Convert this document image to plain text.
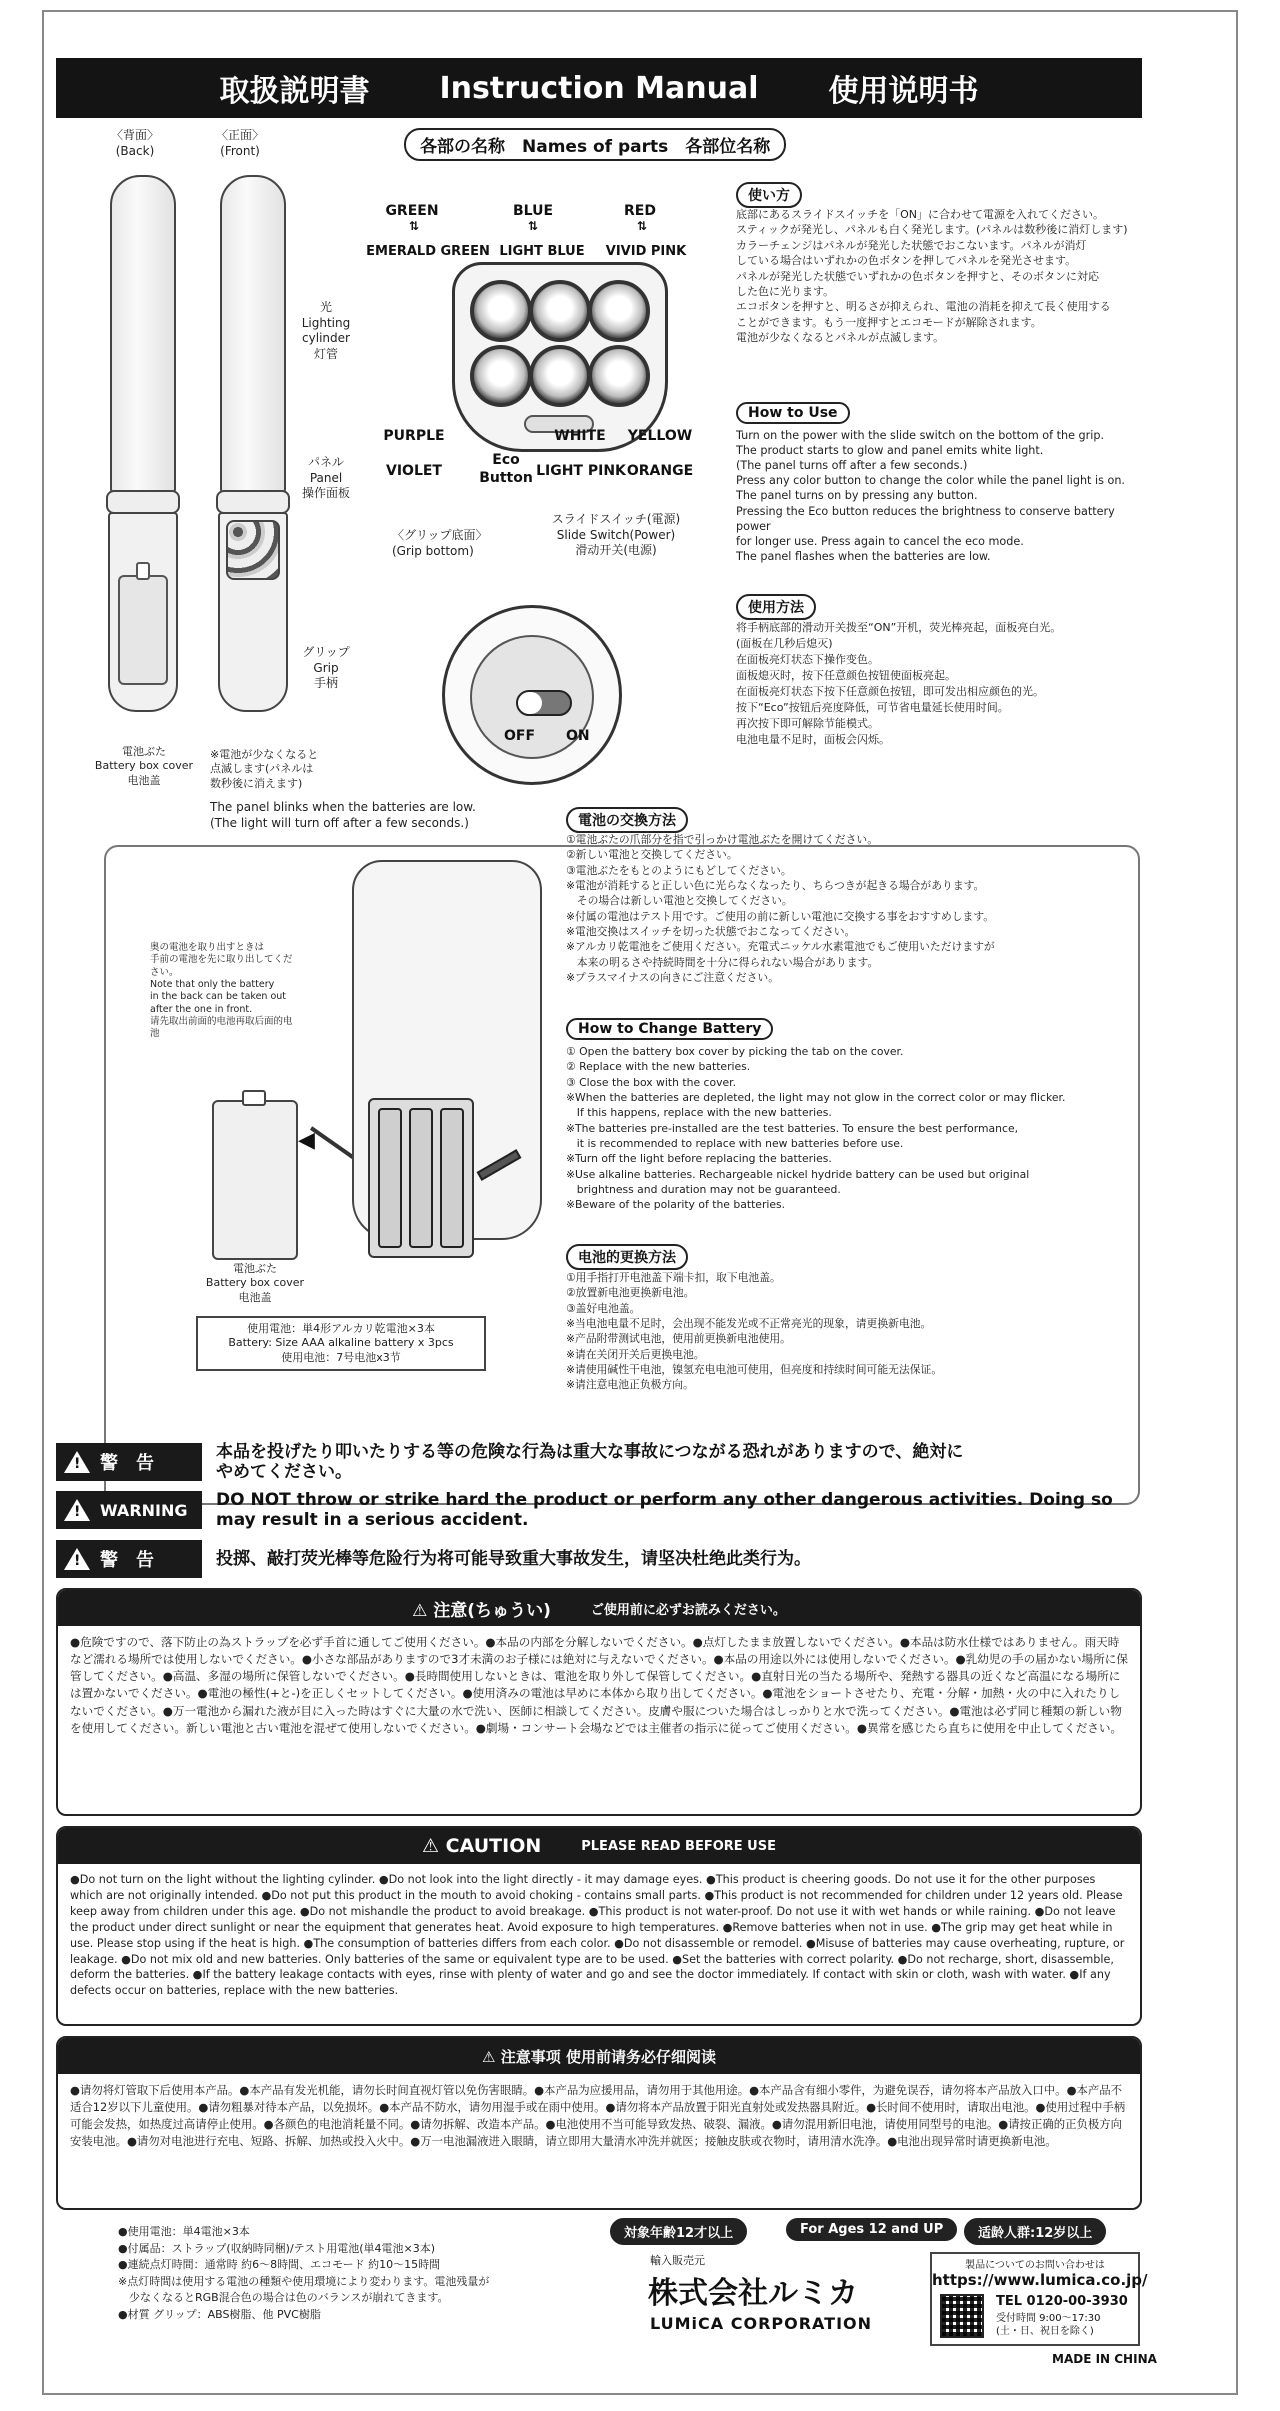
取扱説明書 Instruction Manual 使用说明书
各部の名称　Names of parts　各部位名称
〈背面〉
(Back)
〈正面〉
(Front)
光
Lighting
cylinder
灯管
パネル
Panel
操作面板
グリップ
Grip
手柄
電池ぶた
Battery box cover
电池盖
※電池が少なくなると
点滅します(パネルは
数秒後に消えます)
The panel blinks when the batteries are low.
(The light will turn off after a few seconds.)
GREEN	BLUE	RED
⇅	⇅	⇅
EMERALD GREEN LIGHT BLUE	VIVID PINK
PURPLE
VIOLET
Eco
Button
WHITE
LIGHT PINK
YELLOW
ORANGE
〈グリップ底面〉
(Grip bottom)
スライドスイッチ(電源)
Slide Switch(Power)
滑动开关(电源)
OFF ON
使い方
底部にあるスライドスイッチを「ON」に合わせて電源を入れてください。
スティックが発光し、パネルも白く発光します。(パネルは数秒後に消灯します)
カラーチェンジはパネルが発光した状態でおこないます。パネルが消灯
している場合はいずれかの色ボタンを押してパネルを発光させます。
パネルが発光した状態でいずれかの色ボタンを押すと、そのボタンに対応
した色に光ります。
エコボタンを押すと、明るさが抑えられ、電池の消耗を抑えて長く使用する
ことができます。もう一度押すとエコモードが解除されます。
電池が少なくなるとパネルが点滅します。
How to Use
Turn on the power with the slide switch on the bottom of the grip.
The product starts to glow and panel emits white light.
(The panel turns off after a few seconds.)
Press any color button to change the color while the panel light is on.
The panel turns on by pressing any button.
Pressing the Eco button reduces the brightness to conserve battery power
for longer use. Press again to cancel the eco mode.
The panel flashes when the batteries are low.
使用方法
将手柄底部的滑动开关拨至“ON”开机，荧光棒亮起，面板亮白光。
(面板在几秒后熄灭)
在面板亮灯状态下操作变色。
面板熄灭时，按下任意颜色按钮使面板亮起。
在面板亮灯状态下按下任意颜色按钮，即可发出相应颜色的光。
按下“Eco”按钮后亮度降低，可节省电量延长使用时间。
再次按下即可解除节能模式。
电池电量不足时，面板会闪烁。
奥の電池を取り出すときは
手前の電池を先に取り出してください。
Note that only the battery
in the back can be taken out
after the one in front.
请先取出前面的电池再取后面的电池
電池ぶた
Battery box cover
电池盖
◀
使用電池：単4形アルカリ乾電池×3本
Battery: Size AAA alkaline battery x 3pcs
使用电池：7号电池x3节
電池の交換方法
①電池ぶたの爪部分を指で引っかけ電池ぶたを開けてください。
②新しい電池と交換してください。
③電池ぶたをもとのようにもどしてください。
※電池が消耗すると正しい色に光らなくなったり、ちらつきが起きる場合があります。
　その場合は新しい電池と交換してください。
※付属の電池はテスト用です。ご使用の前に新しい電池に交換する事をおすすめします。
※電池交換はスイッチを切った状態でおこなってください。
※アルカリ乾電池をご使用ください。充電式ニッケル水素電池でもご使用いただけますが
　本来の明るさや持続時間を十分に得られない場合があります。
※プラスマイナスの向きにご注意ください。
How to Change Battery
① Open the battery box cover by picking the tab on the cover.
② Replace with the new batteries.
③ Close the box with the cover.
※When the batteries are depleted, the light may not glow in the correct color or may flicker.
　If this happens, replace with the new batteries.
※The batteries pre-installed are the test batteries. To ensure the best performance,
　it is recommended to replace with new batteries before use.
※Turn off the light before replacing the batteries.
※Use alkaline batteries. Rechargeable nickel hydride battery can be used but original
　brightness and duration may not be guaranteed.
※Beware of the polarity of the batteries.
电池的更换方法
①用手指打开电池盖下端卡扣，取下电池盖。
②放置新电池更换新电池。
③盖好电池盖。
※当电池电量不足时，会出现不能发光或不正常亮光的现象，请更换新电池。
※产品附带测试电池，使用前更换新电池使用。
※请在关闭开关后更换电池。
※请使用碱性干电池，镍氢充电电池可使用，但亮度和持续时间可能无法保证。
※请注意电池正负极方向。
! 警　告
本品を投げたり叩いたりする等の危険な行為は重大な事故につながる恐れがありますので、絶対に
やめてください。
! WARNING
DO NOT throw or strike hard the product or perform any other dangerous activities. Doing so
may result in a serious accident.
! 警　告	投掷、敲打荧光棒等危险行为将可能导致重大事故发生，请坚决杜绝此类行为。
⚠ 注意(ちゅうい)	ご使用前に必ずお読みください。
●危険ですので、落下防止の為ストラップを必ず手首に通してご使用ください。●本品の内部を分解しないでください。●点灯したまま放置しないでください。●本品は防水仕様ではありません。雨天時など濡れる場所では使用しないでください。●小さな部品がありますので3才未満のお子様には絶対に与えないでください。●本品の用途以外には使用しないでください。●乳幼児の手の届かない場所に保管してください。●高温、多湿の場所に保管しないでください。●長時間使用しないときは、電池を取り外して保管してください。●直射日光の当たる場所や、発熱する器具の近くなど高温になる場所には置かないでください。●電池の極性(+と-)を正しくセットしてください。●使用済みの電池は早めに本体から取り出してください。●電池をショートさせたり、充電・分解・加熱・火の中に入れたりしないでください。●万一電池から漏れた液が目に入った時はすぐに大量の水で洗い、医師に相談してください。皮膚や服についた場合はしっかりと水で洗ってください。●電池は必ず同じ種類の新しい物を使用してください。新しい電池と古い電池を混ぜて使用しないでください。●劇場・コンサート会場などでは主催者の指示に従ってご使用ください。●異常を感じたら直ちに使用を中止してください。
⚠ CAUTION	PLEASE READ BEFORE USE
●Do not turn on the light without the lighting cylinder. ●Do not look into the light directly - it may damage eyes. ●This product is cheering goods. Do not use it for the other purposes which are not originally intended. ●Do not put this product in the mouth to avoid choking - contains small parts. ●This product is not recommended for children under 12 years old. Please keep away from children under this age. ●Do not mishandle the product to avoid breakage. ●This product is not water-proof. Do not use it with wet hands or while raining. ●Do not leave the product under direct sunlight or near the equipment that generates heat. Avoid exposure to high temperatures. ●Remove batteries when not in use. ●The grip may get heat while in use. Please stop using if the heat is high. ●The consumption of batteries differs from each color. ●Do not disassemble or remodel. ●Misuse of batteries may cause overheating, rupture, or leakage. ●Do not mix old and new batteries. Only batteries of the same or equivalent type are to be used. ●Set the batteries with correct polarity. ●Do not recharge, short, disassemble, deform the batteries. ●If the battery leakage contacts with eyes, rinse with plenty of water and go and see the doctor immediately. If contact with skin or cloth, wash with water. ●If any defects occur on batteries, replace with the new batteries.
⚠ 注意事项 使用前请务必仔细阅读
●请勿将灯管取下后使用本产品。●本产品有发光机能，请勿长时间直视灯管以免伤害眼睛。●本产品为应援用品，请勿用于其他用途。●本产品含有细小零件，为避免误吞，请勿将本产品放入口中。●本产品不适合12岁以下儿童使用。●请勿粗暴对待本产品，以免损坏。●本产品不防水，请勿用湿手或在雨中使用。●请勿将本产品放置于阳光直射处或发热器具附近。●长时间不使用时，请取出电池。●使用过程中手柄可能会发热，如热度过高请停止使用。●各颜色的电池消耗量不同。●请勿拆解、改造本产品。●电池使用不当可能导致发热、破裂、漏液。●请勿混用新旧电池，请使用同型号的电池。●请按正确的正负极方向安装电池。●请勿对电池进行充电、短路、拆解、加热或投入火中。●万一电池漏液进入眼睛，请立即用大量清水冲洗并就医；接触皮肤或衣物时，请用清水洗净。●电池出现异常时请更换新电池。
●使用電池：単4電池×3本
●付属品：ストラップ(収納時同梱)/テスト用電池(単4電池×3本)
●連続点灯時間：通常時 約6〜8時間、エコモード 約10〜15時間
※点灯時間は使用する電池の種類や使用環境により変わります。電池残量が
　少なくなるとRGB混合色の場合は色のバランスが崩れてきます。
●材質 グリップ：ABS樹脂、他 PVC樹脂
対象年齢12才以上	For Ages 12 and UP	适龄人群:12岁以上
輸入販売元
株式会社ルミカ
LUMiCA CORPORATION
製品についてのお問い合わせは
https://www.lumica.co.jp/
TEL 0120-00-3930
受付時間 9:00〜17:30
(土・日、祝日を除く)
MADE IN CHINA
